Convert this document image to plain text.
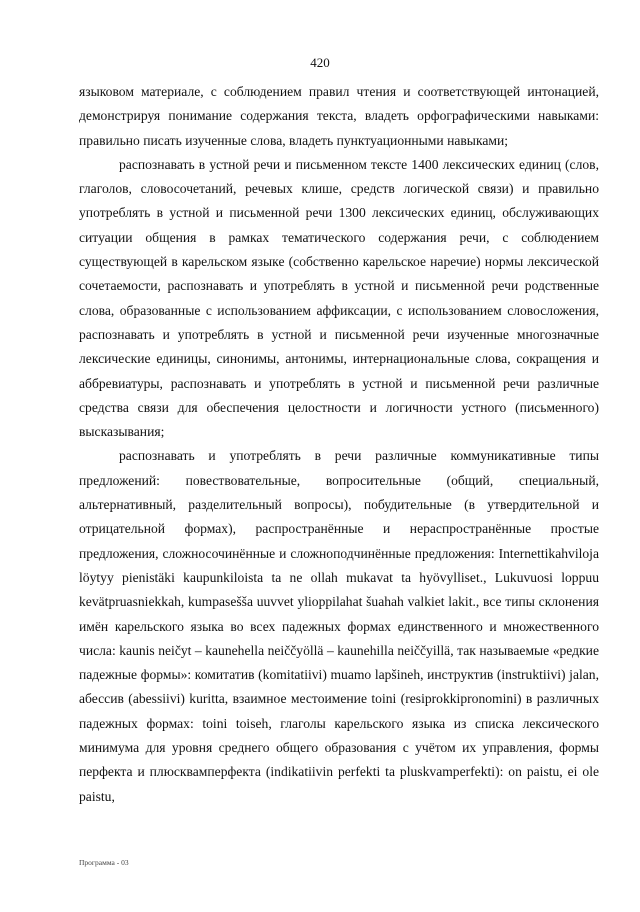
420

языковом материале, с соблюдением правил чтения и соответствующей интонацией, демонстрируя понимание содержания текста, владеть орфографическими навыками: правильно писать изученные слова, владеть пунктуационными навыками;

распознавать в устной речи и письменном тексте 1400 лексических единиц (слов, глаголов, словосочетаний, речевых клише, средств логической связи) и правильно употреблять в устной и письменной речи 1300 лексических единиц, обслуживающих ситуации общения в рамках тематического содержания речи, с соблюдением существующей в карельском языке (собственно карельское наречие) нормы лексической сочетаемости, распознавать и употреблять в устной и письменной речи родственные слова, образованные с использованием аффиксации, с использованием словосложения, распознавать и употреблять в устной и письменной речи изученные многозначные лексические единицы, синонимы, антонимы, интернациональные слова, сокращения и аббревиатуры, распознавать и употреблять в устной и письменной речи различные средства связи для обеспечения целостности и логичности устного (письменного) высказывания;

распознавать и употреблять в речи различные коммуникативные типы предложений: повествовательные, вопросительные (общий, специальный, альтернативный, разделительный вопросы), побудительные (в утвердительной и отрицательной формах), распространённые и нераспространённые простые предложения, сложносочинённые и сложноподчинённые предложения: Internettikahviloja löytyy pienistäki kaupunkiloista ta ne ollah mukavat ta hyövylliset., Lukuvuosi loppuu kevätpruasniekkah, kumpasešša uuvvet ylioppilahat šuahah valkiet lakit., все типы склонения имён карельского языка во всех падежных формах единственного и множественного числа: kaunis neičyt – kaunehella neiččyöllä – kaunehilla neiččyillä, так называемые «редкие падежные формы»: комитатив (komitatiivi) muamo lapšineh, инструктив (instruktiivi) jalan, абессив (abessiivi) kuritta, взаимное местоимение toini (resiprokkipronomini) в различных падежных формах: toini toiseh, глаголы карельского языка из списка лексического минимума для уровня среднего общего образования с учётом их управления, формы перфекта и плюсквамперфекта (indikatiivin perfekti ta pluskvamperfekti): on paistu, ei ole paistu,

Программа - 03
